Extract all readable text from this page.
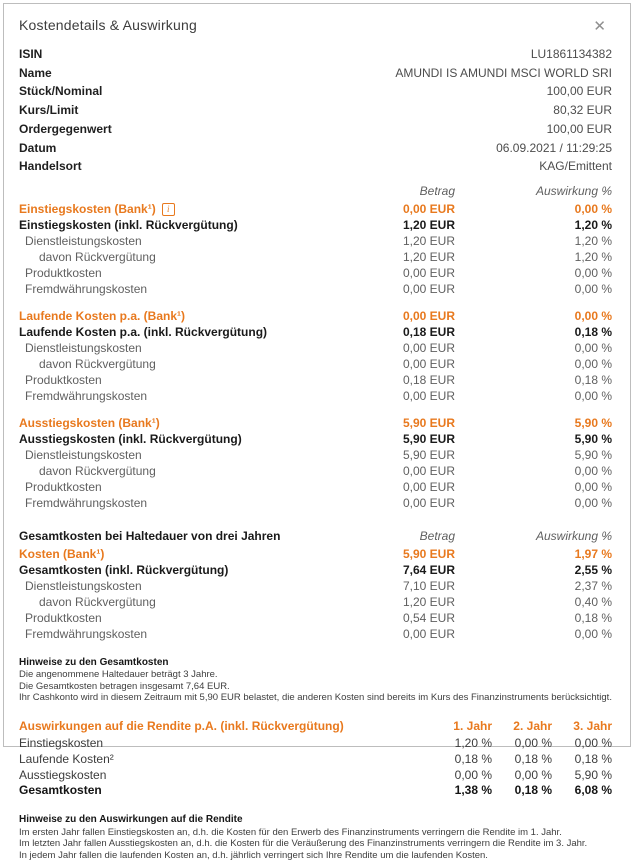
Kostendetails & Auswirkung	✕
ISIN	LU1861134382
Name	AMUNDI IS AMUNDI MSCI WORLD SRI
Stück/Nominal	100,00 EUR
Kurs/Limit	80,32 EUR
Ordergegenwert	100,00 EUR
Datum	06.09.2021 / 11:29:25
Handelsort	KAG/Emittent
Betrag	Auswirkung %
Einstiegskosten (Bank¹) i	0,00 EUR	0,00 %
Einstiegskosten (inkl. Rückvergütung)	1,20 EUR	1,20 %
Dienstleistungskosten	1,20 EUR	1,20 %
davon Rückvergütung	1,20 EUR	1,20 %
Produktkosten	0,00 EUR	0,00 %
Fremdwährungskosten	0,00 EUR	0,00 %
Laufende Kosten p.a. (Bank¹)	0,00 EUR	0,00 %
Laufende Kosten p.a. (inkl. Rückvergütung)	0,18 EUR	0,18 %
Dienstleistungskosten	0,00 EUR	0,00 %
davon Rückvergütung	0,00 EUR	0,00 %
Produktkosten	0,18 EUR	0,18 %
Fremdwährungskosten	0,00 EUR	0,00 %
Ausstiegskosten (Bank¹)	5,90 EUR	5,90 %
Ausstiegskosten (inkl. Rückvergütung)	5,90 EUR	5,90 %
Dienstleistungskosten	5,90 EUR	5,90 %
davon Rückvergütung	0,00 EUR	0,00 %
Produktkosten	0,00 EUR	0,00 %
Fremdwährungskosten	0,00 EUR	0,00 %
Gesamtkosten bei Haltedauer von drei Jahren	Betrag	Auswirkung %
Kosten (Bank¹)	5,90 EUR	1,97 %
Gesamtkosten (inkl. Rückvergütung)	7,64 EUR	2,55 %
Dienstleistungskosten	7,10 EUR	2,37 %
davon Rückvergütung	1,20 EUR	0,40 %
Produktkosten	0,54 EUR	0,18 %
Fremdwährungskosten	0,00 EUR	0,00 %
Hinweise zu den Gesamtkosten
Die angenommene Haltedauer beträgt 3 Jahre.
Die Gesamtkosten betragen insgesamt 7,64 EUR.
Ihr Cashkonto wird in diesem Zeitraum mit 5,90 EUR belastet, die anderen Kosten sind bereits im Kurs des Finanzinstruments berücksichtigt.
Auswirkungen auf die Rendite p.A. (inkl. Rückvergütung)	1. Jahr	2. Jahr	3. Jahr
Einstiegskosten	1,20 %	0,00 %	0,00 %
Laufende Kosten²	0,18 %	0,18 %	0,18 %
Ausstiegskosten	0,00 %	0,00 %	5,90 %
Gesamtkosten	1,38 %	0,18 %	6,08 %
Hinweise zu den Auswirkungen auf die Rendite
Im ersten Jahr fallen Einstiegskosten an, d.h. die Kosten für den Erwerb des Finanzinstruments verringern die Rendite im 1. Jahr.
Im letzten Jahr fallen Ausstiegskosten an, d.h. die Kosten für die Veräußerung des Finanzinstruments verringern die Rendite im 3. Jahr.
In jedem Jahr fallen die laufenden Kosten an, d.h. jährlich verringert sich Ihre Rendite um die laufenden Kosten.
